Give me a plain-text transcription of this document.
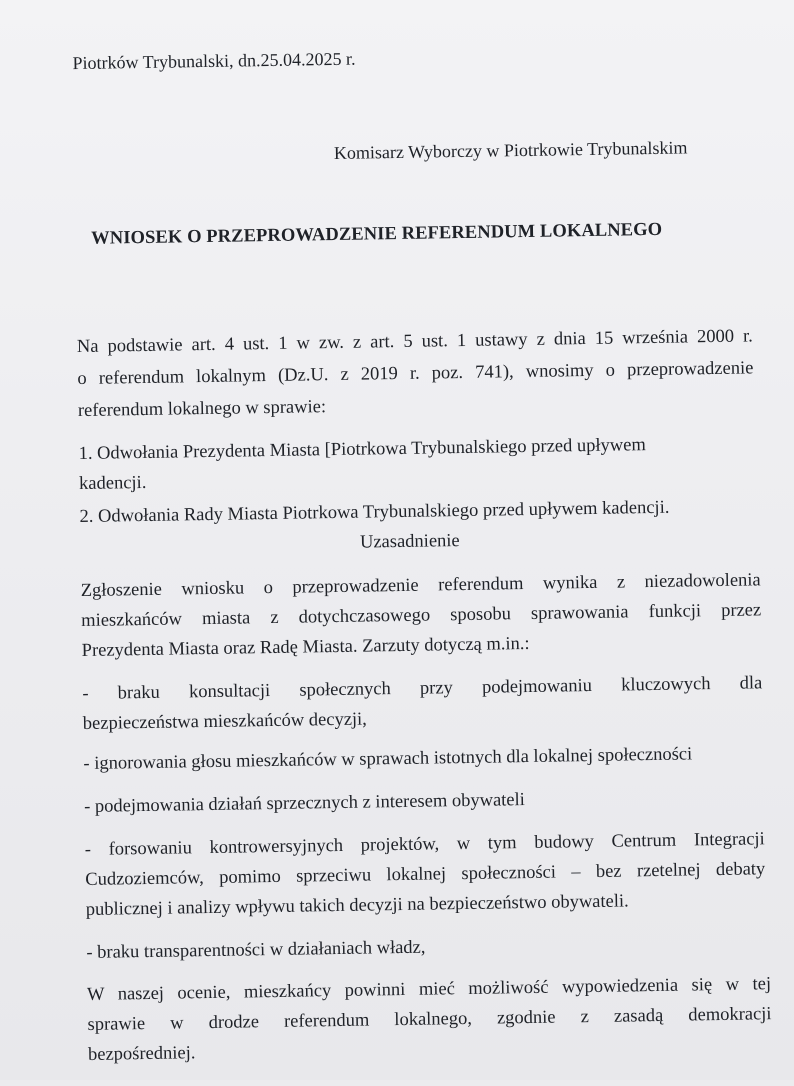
Piotrków Trybunalski, dn.25.04.2025 r.

Komisarz Wyborczy w Piotrkowie Trybunalskim

WNIOSEK O PRZEPROWADZENIE REFERENDUM LOKALNEGO

Na podstawie art. 4 ust. 1 w zw. z art. 5 ust. 1 ustawy z dnia 15 września 2000 r.

o referendum lokalnym (Dz.U. z 2019 r. poz. 741), wnosimy o przeprowadzenie

referendum lokalnego w sprawie:

1. Odwołania Prezydenta Miasta [Piotrkowa Trybunalskiego przed upływem

kadencji.

2. Odwołania Rady Miasta Piotrkowa Trybunalskiego przed upływem kadencji.

Uzasadnienie

Zgłoszenie wniosku o przeprowadzenie referendum wynika z niezadowolenia

mieszkańców miasta z dotychczasowego sposobu sprawowania funkcji przez

Prezydenta Miasta oraz Radę Miasta. Zarzuty dotyczą m.in.:

- braku konsultacji społecznych przy podejmowaniu kluczowych dla

bezpieczeństwa mieszkańców decyzji,

- ignorowania głosu mieszkańców w sprawach istotnych dla lokalnej społeczności

- podejmowania działań sprzecznych z interesem obywateli

- forsowaniu kontrowersyjnych projektów, w tym budowy Centrum Integracji

Cudzoziemców, pomimo sprzeciwu lokalnej społeczności – bez rzetelnej debaty

publicznej i analizy wpływu takich decyzji na bezpieczeństwo obywateli.

- braku transparentności w działaniach władz,

W naszej ocenie, mieszkańcy powinni mieć możliwość wypowiedzenia się w tej

sprawie w drodze referendum lokalnego, zgodnie z zasadą demokracji

bezpośredniej.
